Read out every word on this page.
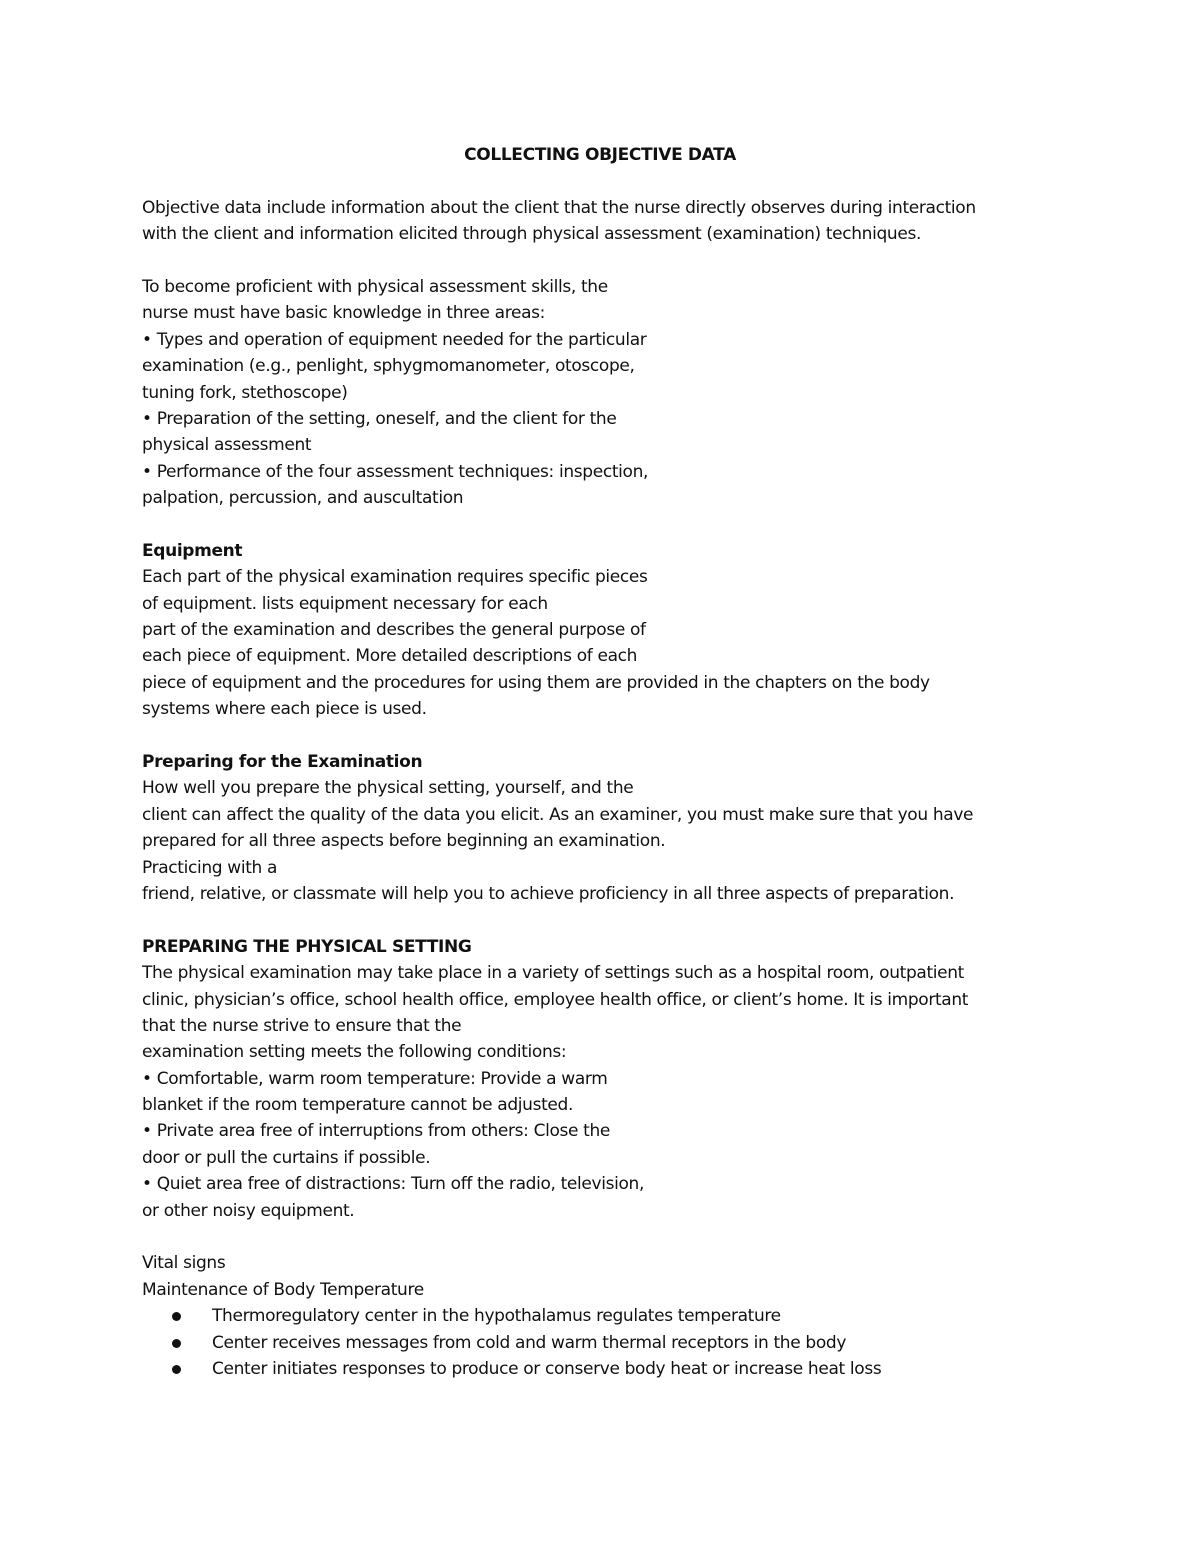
COLLECTING OBJECTIVE DATA
Objective data include information about the client that the nurse directly observes during interaction
with the client and information elicited through physical assessment (examination) techniques.
To become proficient with physical assessment skills, the
nurse must have basic knowledge in three areas:
• Types and operation of equipment needed for the particular
examination (e.g., penlight, sphygmomanometer, otoscope,
tuning fork, stethoscope)
• Preparation of the setting, oneself, and the client for the
physical assessment
• Performance of the four assessment techniques: inspection,
palpation, percussion, and auscultation
Equipment
Each part of the physical examination requires specific pieces
of equipment. lists equipment necessary for each
part of the examination and describes the general purpose of
each piece of equipment. More detailed descriptions of each
piece of equipment and the procedures for using them are provided in the chapters on the body
systems where each piece is used.
Preparing for the Examination
How well you prepare the physical setting, yourself, and the
client can affect the quality of the data you elicit. As an examiner, you must make sure that you have
prepared for all three aspects before beginning an examination.
Practicing with a
friend, relative, or classmate will help you to achieve proficiency in all three aspects of preparation.
PREPARING THE PHYSICAL SETTING
The physical examination may take place in a variety of settings such as a hospital room, outpatient
clinic, physician’s office, school health office, employee health office, or client’s home. It is important
that the nurse strive to ensure that the
examination setting meets the following conditions:
• Comfortable, warm room temperature: Provide a warm
blanket if the room temperature cannot be adjusted.
• Private area free of interruptions from others: Close the
door or pull the curtains if possible.
• Quiet area free of distractions: Turn off the radio, television,
or other noisy equipment.
Vital signs
Maintenance of Body Temperature
Thermoregulatory center in the hypothalamus regulates temperature
Center receives messages from cold and warm thermal receptors in the body
Center initiates responses to produce or conserve body heat or increase heat loss
